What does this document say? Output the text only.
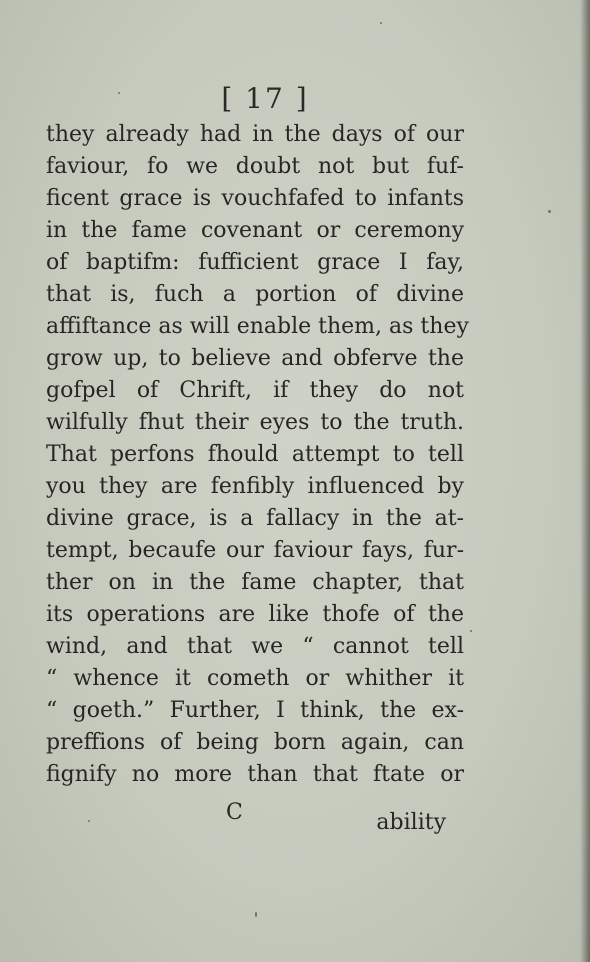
[ 17 ]
they already had in the days of our
faviour, fo we doubt not but fuf-
ficent grace is vouchfafed to infants
in the fame covenant or ceremony
of baptifm: fufficient grace I fay,
that is, fuch a portion of divine
affiftance as will enable them, as they
grow up, to believe and obferve the
gofpel of Chrift, if they do not
wilfully fhut their eyes to the truth.
That perfons fhould attempt to tell
you they are fenfibly influenced by
divine grace, is a fallacy in the at-
tempt, becaufe our faviour fays, fur-
ther on in the fame chapter, that
its operations are like thofe of the
wind, and that we “ cannot tell
“ whence it cometh or whither it
“ goeth.” Further, I think, the ex-
preffions of being born again, can
fignify no more than that ftate or
C	ability
